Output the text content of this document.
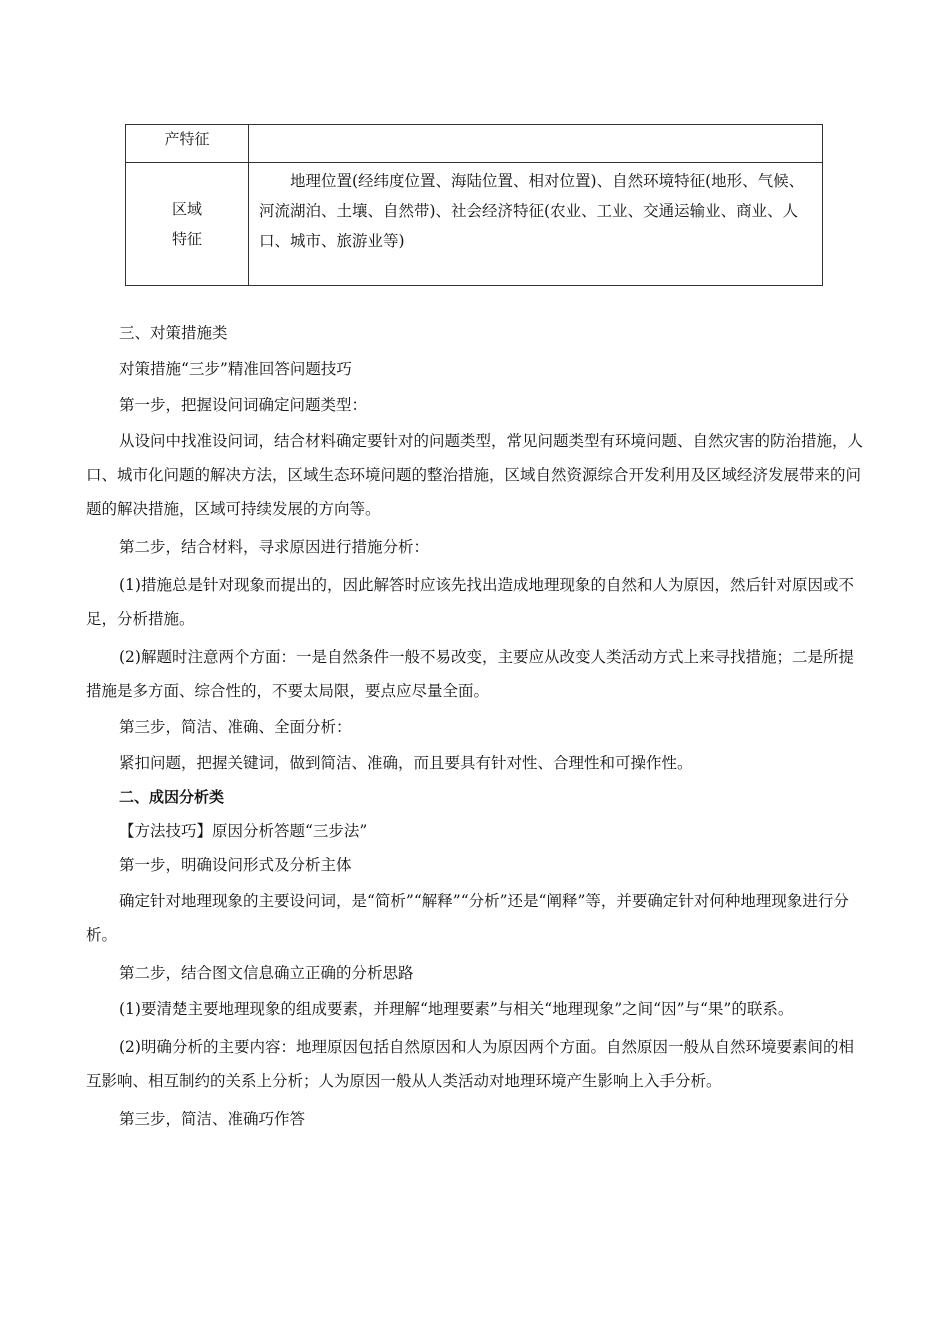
产特征
区域
特征
地理位置(经纬度位置、海陆位置、相对位置)、自然环境特征(地形、气候、河流湖泊、土壤、自然带)、社会经济特征(农业、工业、交通运输业、商业、人口、城市、旅游业等)

三、对策措施类

对策措施“三步”精准回答问题技巧

第一步，把握设问词确定问题类型：

从设问中找准设问词，结合材料确定要针对的问题类型，常见问题类型有环境问题、自然灾害的防治措施，人口、城市化问题的解决方法，区域生态环境问题的整治措施，区域自然资源综合开发利用及区域经济发展带来的问题的解决措施，区域可持续发展的方向等。

第二步，结合材料，寻求原因进行措施分析：

(1)措施总是针对现象而提出的，因此解答时应该先找出造成地理现象的自然和人为原因，然后针对原因或不足，分析措施。

(2)解题时注意两个方面：一是自然条件一般不易改变，主要应从改变人类活动方式上来寻找措施；二是所提措施是多方面、综合性的，不要太局限，要点应尽量全面。

第三步，简洁、准确、全面分析：

紧扣问题，把握关键词，做到简洁、准确，而且要具有针对性、合理性和可操作性。

二、成因分析类

【方法技巧】原因分析答题“三步法”

第一步，明确设问形式及分析主体

确定针对地理现象的主要设问词，是“简析”“解释”“分析”还是“阐释”等，并要确定针对何种地理现象进行分析。

第二步，结合图文信息确立正确的分析思路

(1)要清楚主要地理现象的组成要素，并理解“地理要素”与相关“地理现象”之间“因”与“果”的联系。

(2)明确分析的主要内容：地理原因包括自然原因和人为原因两个方面。自然原因一般从自然环境要素间的相互影响、相互制约的关系上分析；人为原因一般从人类活动对地理环境产生影响上入手分析。

第三步，简洁、准确巧作答
